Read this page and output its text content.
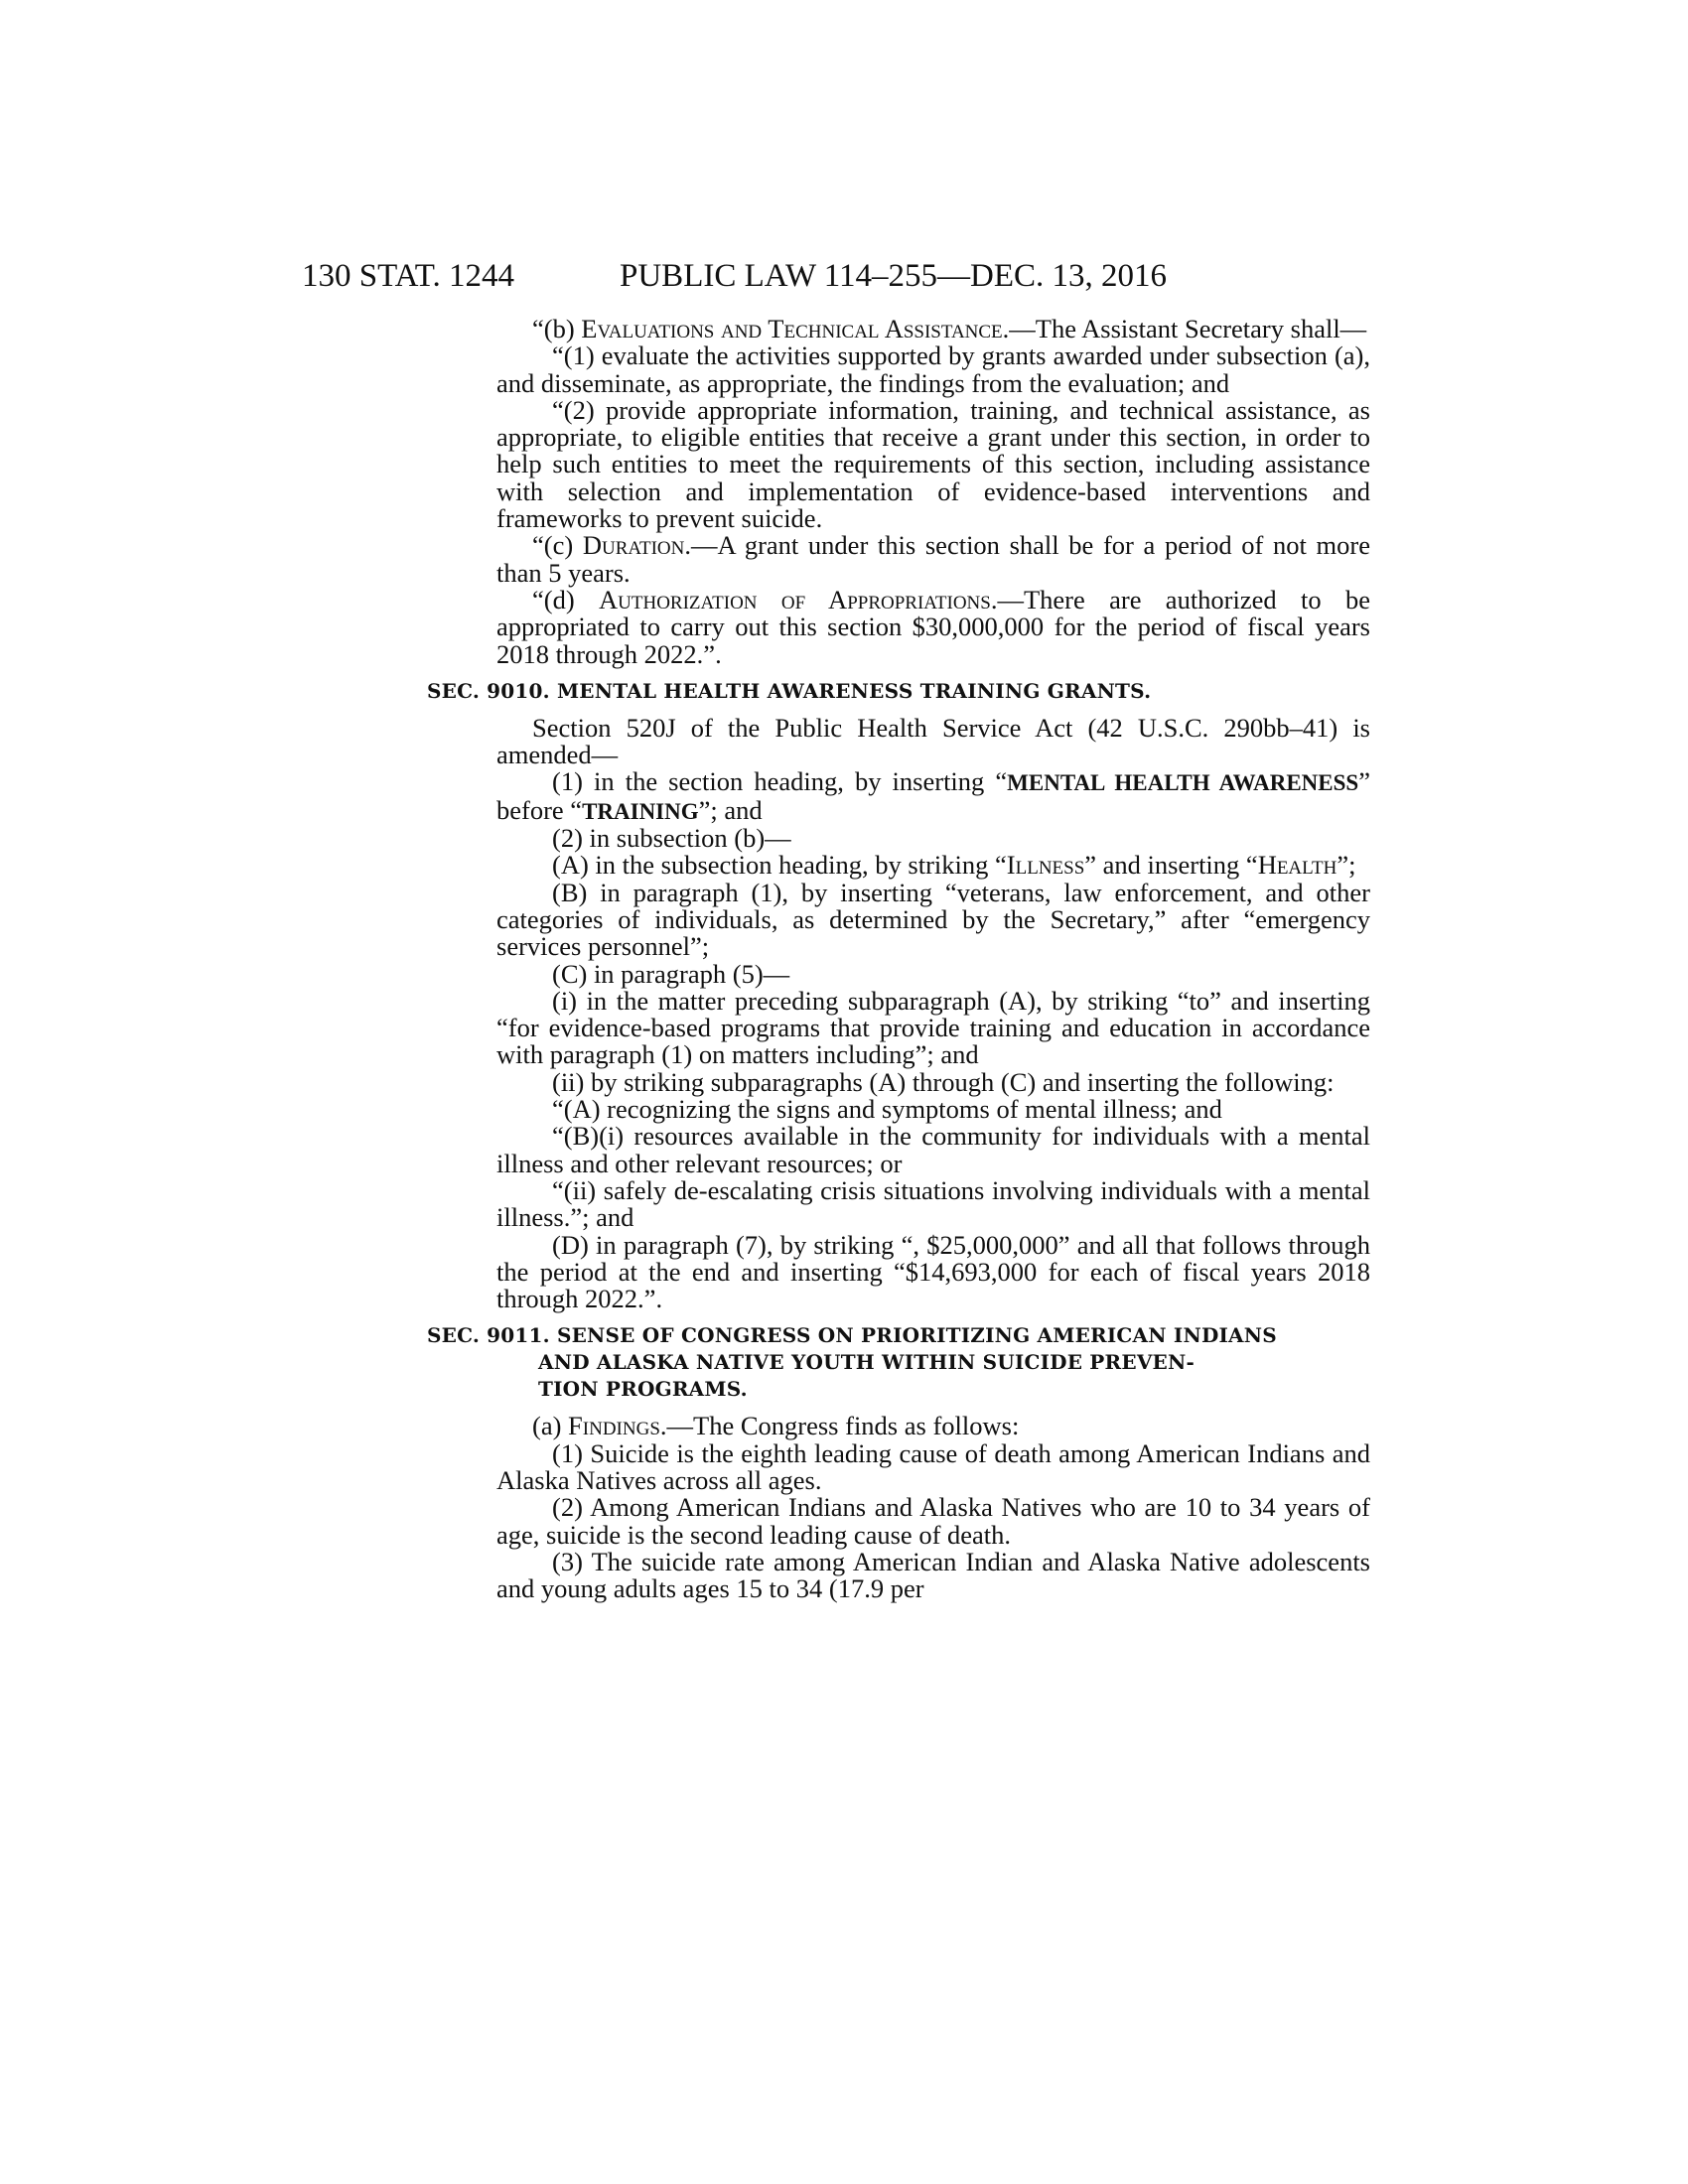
130 STAT. 1244	PUBLIC LAW 114–255—DEC. 13, 2016

“(b) Evaluations and Technical Assistance.—The Assistant Secretary shall—

“(1) evaluate the activities supported by grants awarded under subsection (a), and disseminate, as appropriate, the findings from the evaluation; and

“(2) provide appropriate information, training, and technical assistance, as appropriate, to eligible entities that receive a grant under this section, in order to help such entities to meet the requirements of this section, including assistance with selection and implementation of evidence-based interventions and frameworks to prevent suicide.

“(c) Duration.—A grant under this section shall be for a period of not more than 5 years.

“(d) Authorization of Appropriations.—There are authorized to be appropriated to carry out this section $30,000,000 for the period of fiscal years 2018 through 2022.”.

SEC. 9010. MENTAL HEALTH AWARENESS TRAINING GRANTS.

Section 520J of the Public Health Service Act (42 U.S.C. 290bb–41) is amended—

(1) in the section heading, by inserting “MENTAL HEALTH AWARENESS” before “TRAINING”; and

(2) in subsection (b)—

(A) in the subsection heading, by striking “Illness” and inserting “Health”;

(B) in paragraph (1), by inserting “veterans, law enforcement, and other categories of individuals, as determined by the Secretary,” after “emergency services personnel”;

(C) in paragraph (5)—

(i) in the matter preceding subparagraph (A), by striking “to” and inserting “for evidence-based programs that provide training and education in accordance with paragraph (1) on matters including”; and

(ii) by striking subparagraphs (A) through (C) and inserting the following:

“(A) recognizing the signs and symptoms of mental illness; and

“(B)(i) resources available in the community for individuals with a mental illness and other relevant resources; or

“(ii) safely de-escalating crisis situations involving individuals with a mental illness.”; and

(D) in paragraph (7), by striking “, $25,000,000” and all that follows through the period at the end and inserting “$14,693,000 for each of fiscal years 2018 through 2022.”.

SEC. 9011. SENSE OF CONGRESS ON PRIORITIZING AMERICAN INDIANS
AND ALASKA NATIVE YOUTH WITHIN SUICIDE PREVEN-
TION PROGRAMS.

(a) Findings.—The Congress finds as follows:

(1) Suicide is the eighth leading cause of death among American Indians and Alaska Natives across all ages.

(2) Among American Indians and Alaska Natives who are 10 to 34 years of age, suicide is the second leading cause of death.

(3) The suicide rate among American Indian and Alaska Native adolescents and young adults ages 15 to 34 (17.9 per
